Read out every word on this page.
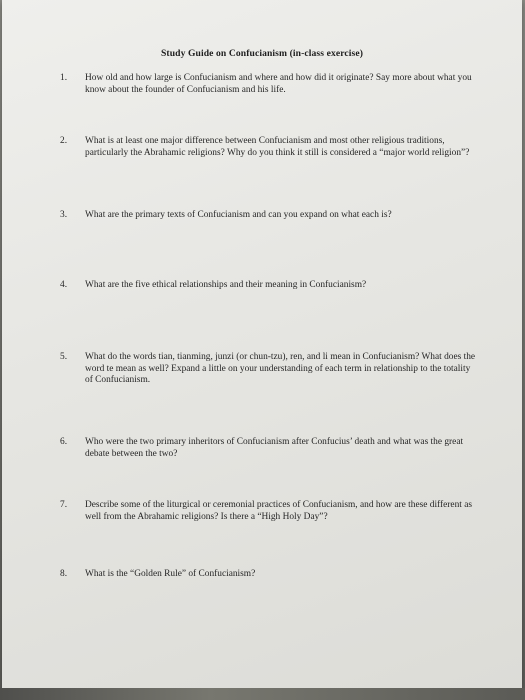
Study Guide on Confucianism (in-class exercise)
1.	How old and how large is Confucianism and where and how did it originate? Say more about what you know about the founder of Confucianism and his life.
2.	What is at least one major difference between Confucianism and most other religious traditions, particularly the Abrahamic religions? Why do you think it still is considered a “major world religion”?
3.	What are the primary texts of Confucianism and can you expand on what each is?
4.	What are the five ethical relationships and their meaning in Confucianism?
5.	What do the words tian, tianming, junzi (or chun-tzu), ren, and li mean in Confucianism? What does the word te mean as well? Expand a little on your understanding of each term in relationship to the totality of Confucianism.
6.	Who were the two primary inheritors of Confucianism after Confucius’ death and what was the great debate between the two?
7.	Describe some of the liturgical or ceremonial practices of Confucianism, and how are these different as well from the Abrahamic religions? Is there a “High Holy Day”?
8.	What is the “Golden Rule” of Confucianism?
